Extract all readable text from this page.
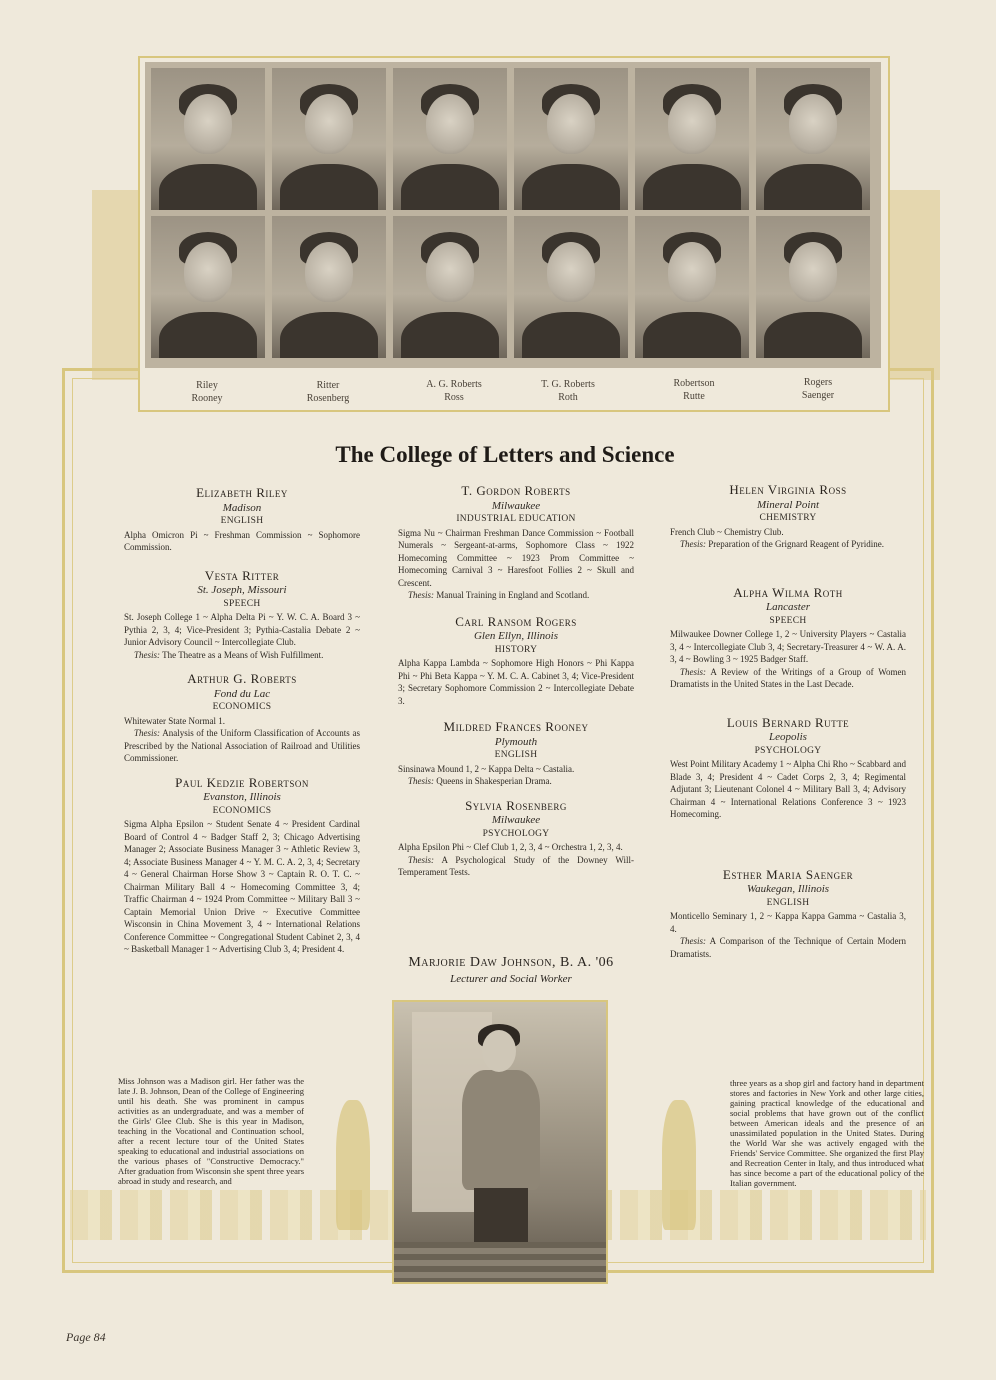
Riley
Rooney
Ritter
Rosenberg
A. G. Roberts
Ross
T. G. Roberts
Roth
Robertson
Rutte
Rogers
Saenger
The College of Letters and Science

Elizabeth Riley

Madison

ENGLISH

Alpha Omicron Pi ~ Freshman Commission ~ Sophomore Commission.

Vesta Ritter

St. Joseph, Missouri

SPEECH

St. Joseph College 1 ~ Alpha Delta Pi ~ Y. W. C. A. Board 3 ~ Pythia 2, 3, 4; Vice-President 3; Pythia-Castalia Debate 2 ~ Junior Advisory Council ~ Intercollegiate Club.

Thesis: The Theatre as a Means of Wish Fulfillment.

Arthur G. Roberts

Fond du Lac

ECONOMICS

Whitewater State Normal 1.

Thesis: Analysis of the Uniform Classification of Accounts as Prescribed by the National Association of Railroad and Utilities Commissioner.

Paul Kedzie Robertson

Evanston, Illinois

ECONOMICS

Sigma Alpha Epsilon ~ Student Senate 4 ~ President Cardinal Board of Control 4 ~ Badger Staff 2, 3; Chicago Advertising Manager 2; Associate Business Manager 3 ~ Athletic Review 3, 4; Associate Business Manager 4 ~ Y. M. C. A. 2, 3, 4; Secretary 4 ~ General Chairman Horse Show 3 ~ Captain R. O. T. C. ~ Chairman Military Ball 4 ~ Homecoming Committee 3, 4; Traffic Chairman 4 ~ 1924 Prom Committee ~ Military Ball 3 ~ Captain Memorial Union Drive ~ Executive Committee Wisconsin in China Movement 3, 4 ~ International Relations Conference Committee ~ Congregational Student Cabinet 2, 3, 4 ~ Basketball Manager 1 ~ Advertising Club 3, 4; President 4.

T. Gordon Roberts

Milwaukee

INDUSTRIAL EDUCATION

Sigma Nu ~ Chairman Freshman Dance Commission ~ Football Numerals ~ Sergeant-at-arms, Sophomore Class ~ 1922 Homecoming Committee ~ 1923 Prom Committee ~ Homecoming Carnival 3 ~ Haresfoot Follies 2 ~ Skull and Crescent.

Thesis: Manual Training in England and Scotland.

Carl Ransom Rogers

Glen Ellyn, Illinois

HISTORY

Alpha Kappa Lambda ~ Sophomore High Honors ~ Phi Kappa Phi ~ Phi Beta Kappa ~ Y. M. C. A. Cabinet 3, 4; Vice-President 3; Secretary Sophomore Commission 2 ~ Intercollegiate Debate 3.

Mildred Frances Rooney

Plymouth

ENGLISH

Sinsinawa Mound 1, 2 ~ Kappa Delta ~ Castalia.

Thesis: Queens in Shakesperian Drama.

Sylvia Rosenberg

Milwaukee

PSYCHOLOGY

Alpha Epsilon Phi ~ Clef Club 1, 2, 3, 4 ~ Orchestra 1, 2, 3, 4.

Thesis: A Psychological Study of the Downey Will-Temperament Tests.

Helen Virginia Ross

Mineral Point

CHEMISTRY

French Club ~ Chemistry Club.

Thesis: Preparation of the Grignard Reagent of Pyridine.

Alpha Wilma Roth

Lancaster

SPEECH

Milwaukee Downer College 1, 2 ~ University Players ~ Castalia 3, 4 ~ Intercollegiate Club 3, 4; Secretary-Treasurer 4 ~ W. A. A. 3, 4 ~ Bowling 3 ~ 1925 Badger Staff.

Thesis: A Review of the Writings of a Group of Women Dramatists in the United States in the Last Decade.

Louis Bernard Rutte

Leopolis

PSYCHOLOGY

West Point Military Academy 1 ~ Alpha Chi Rho ~ Scabbard and Blade 3, 4; President 4 ~ Cadet Corps 2, 3, 4; Regimental Adjutant 3; Lieutenant Colonel 4 ~ Military Ball 3, 4; Advisory Chairman 4 ~ International Relations Conference 3 ~ 1923 Homecoming.

Esther Maria Saenger

Waukegan, Illinois

ENGLISH

Monticello Seminary 1, 2 ~ Kappa Kappa Gamma ~ Castalia 3, 4.

Thesis: A Comparison of the Technique of Certain Modern Dramatists.

Marjorie Daw Johnson, B. A. '06
Lecturer and Social Worker
Miss Johnson was a Madison girl. Her father was the late J. B. Johnson, Dean of the College of Engineering until his death. She was prominent in campus activities as an undergraduate, and was a member of the Girls' Glee Club. She is this year in Madison, teaching in the Vocational and Continuation school, after a recent lecture tour of the United States speaking to educational and industrial associations on the various phases of "Constructive Democracy." After graduation from Wisconsin she spent three years abroad in study and research, and
three years as a shop girl and factory hand in department stores and factories in New York and other large cities, gaining practical knowledge of the educational and social problems that have grown out of the conflict between American ideals and the presence of an unassimilated population in the United States. During the World War she was actively engaged with the Friends' Service Committee. She organized the first Play and Recreation Center in Italy, and thus introduced what has since become a part of the educational policy of the Italian government.
Page 84
